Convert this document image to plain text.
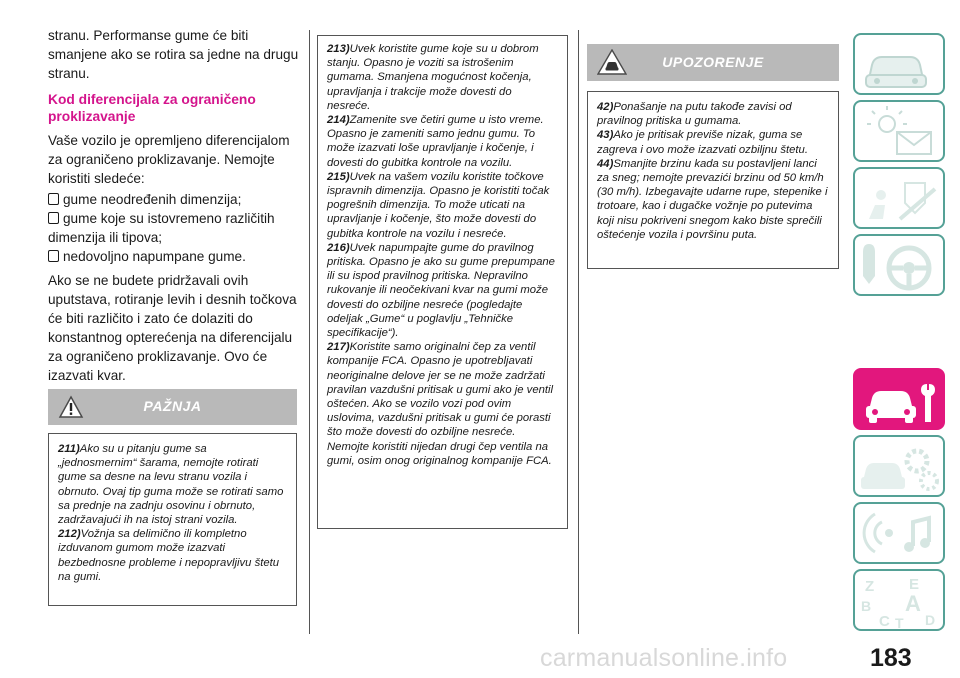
stranu. Performanse gume će biti smanjene ako se rotira sa jedne na drugu stranu.

Kod diferencijala za ograničeno proklizavanje

Vaše vozilo je opremljeno diferencijalom za ograničeno proklizavanje. Nemojte koristiti sledeće:

gume neodređenih dimenzija;
gume koje su istovremeno različitih dimenzija ili tipova;
nedovoljno napumpane gume.

Ako se ne budete pridržavali ovih uputstava, rotiranje levih i desnih točkova će biti različito i zato će dolaziti do konstantnog opterećenja na diferencijalu za ograničeno proklizavanje. Ovo će izazvati kvar.

PAŽNJA

211)Ako su u pitanju gume sa „jednosmernim“ šarama, nemojte rotirati gume sa desne na levu stranu vozila i obrnuto. Ovaj tip guma može se rotirati samo sa prednje na zadnju osovinu i obrnuto, zadržavajući ih na istoj strani vozila.

212)Vožnja sa delimično ili kompletno izduvanom gumom može izazvati bezbednosne probleme i nepopravljivu štetu na gumi.

213)Uvek koristite gume koje su u dobrom stanju. Opasno je voziti sa istrošenim gumama. Smanjena mogućnost kočenja, upravljanja i trakcije može dovesti do nesreće.

214)Zamenite sve četiri gume u isto vreme. Opasno je zameniti samo jednu gumu. To može izazvati loše upravljanje i kočenje, i dovesti do gubitka kontrole na vozilu.

215)Uvek na vašem vozilu koristite točkove ispravnih dimenzija. Opasno je koristiti točak pogrešnih dimenzija. To može uticati na upravljanje i kočenje, što može dovesti do gubitka kontrole na vozilu i nesreće.

216)Uvek napumpajte gume do pravilnog pritiska. Opasno je ako su gume prepumpane ili su ispod pravilnog pritiska. Nepravilno rukovanje ili neočekivani kvar na gumi može dovesti do ozbiljne nesreće (pogledajte odeljak „Gume“ u poglavlju „Tehničke specifikacije“).

217)Koristite samo originalni čep za ventil kompanije FCA. Opasno je upotrebljavati neoriginalne delove jer se ne može zadržati pravilan vazdušni pritisak u gumi ako je ventil oštećen. Ako se vozilo vozi pod ovim uslovima, vazdušni pritisak u gumi će porasti što može dovesti do ozbiljne nesreće. Nemojte koristiti nijedan drugi čep ventila na gumi, osim onog originalnog kompanije FCA.

UPOZORENJE

42)Ponašanje na putu takođe zavisi od pravilnog pritiska u gumama.

43)Ako je pritisak previše nizak, guma se zagreva i ovo može izazvati ozbiljnu štetu.

44)Smanjite brzinu kada su postavljeni lanci za sneg; nemojte prevazići brzinu od 50 km/h (30 m/h). Izbegavajte udarne rupe, stepenike i trotoare, kao i dugačke vožnje po putevima koji nisu pokriveni snegom kako biste sprečili oštećenje vozila i površinu puta.

Z E
B A
C	D
T
carmanualsonline.info	183
